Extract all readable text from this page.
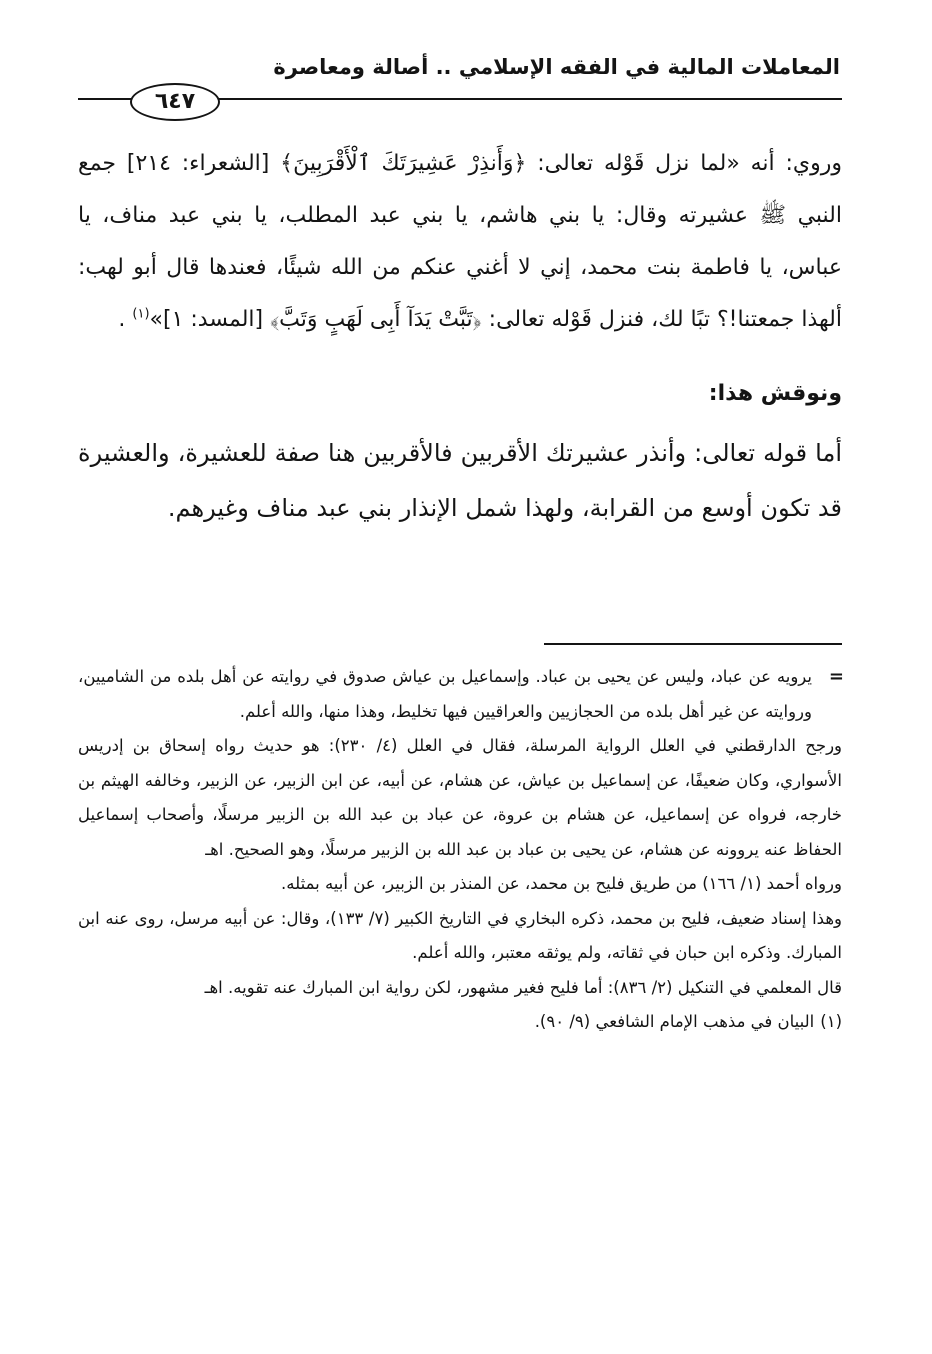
المعاملات المالية في الفقه الإسلامي .. أصالة ومعاصرة
٦٤٧

وروي: أنه «لما نزل قَوْله تعالى: ﴿وَأَنذِرْ عَشِيرَتَكَ ٱلْأَقْرَبِينَ﴾ [الشعراء: ٢١٤] جمع النبي ﷺ عشيرته وقال: يا بني هاشم، يا بني عبد المطلب، يا بني عبد مناف، يا عباس، يا فاطمة بنت محمد، إني لا أغني عنكم من الله شيئًا، فعندها قال أبو لهب: ألهذا جمعتنا!؟ تبًا لك، فنزل قَوْله تعالى: ﴿تَبَّتْ يَدَآ أَبِى لَهَبٍ وَتَبَّ﴾ [المسد: ١]»$^{(١)}$ .

ونوقش هذا:

أما قوله تعالى: وأنذر عشيرتك الأقربين فالأقربين هنا صفة للعشيرة، والعشيرة قد تكون أوسع من القرابة، ولهذا شمل الإنذار بني عبد مناف وغيرهم.

=
يرويه عن عباد، وليس عن يحيى بن عباد. وإسماعيل بن عياش صدوق في روايته عن أهل بلده من الشاميين، وروايته عن غير أهل بلده من الحجازيين والعراقيين فيها تخليط، وهذا منها، والله أعلم.

ورجح الدارقطني في العلل الرواية المرسلة، فقال في العلل (٤/ ٢٣٠): هو حديث رواه إسحاق بن إدريس الأسواري، وكان ضعيفًا، عن إسماعيل بن عياش، عن هشام، عن أبيه، عن ابن الزبير، عن الزبير، وخالفه الهيثم بن خارجه، فرواه عن إسماعيل، عن هشام بن عروة، عن عباد بن عبد الله بن الزبير مرسلًا، وأصحاب إسماعيل الحفاظ عنه يروونه عن هشام، عن يحيى بن عباد بن عبد الله بن الزبير مرسلًا، وهو الصحيح. اهـ

ورواه أحمد (١/ ١٦٦) من طريق فليح بن محمد، عن المنذر بن الزبير، عن أبيه بمثله.

وهذا إسناد ضعيف، فليح بن محمد، ذكره البخاري في التاريخ الكبير (٧/ ١٣٣)، وقال: عن أبيه مرسل، روى عنه ابن المبارك. وذكره ابن حبان في ثقاته، ولم يوثقه معتبر، والله أعلم.

قال المعلمي في التنكيل (٢/ ٨٣٦): أما فليح فغير مشهور، لكن رواية ابن المبارك عنه تقويه. اهـ

(١)البيان في مذهب الإمام الشافعي (٩/ ٩٠).
